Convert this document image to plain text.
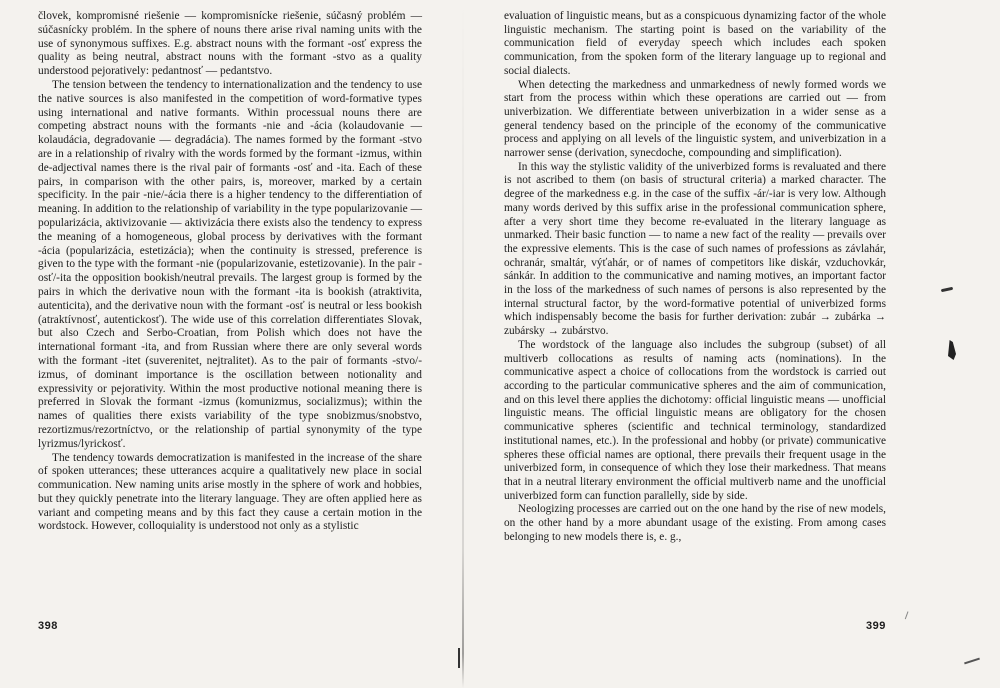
človek, kompromisné riešenie — kompromisnícke riešenie, súčasný problém — súčasnícky problém. In the sphere of nouns there arise rival naming units with the use of synonymous suffixes. E.g. abstract nouns with the formant -osť express the quality as being neutral, abstract nouns with the formant -stvo as a quality understood pejoratively: pedantnosť — pedantstvo.

The tension between the tendency to internationalization and the tendency to use the native sources is also manifested in the competition of word-formative types using international and native formants. Within processual nouns there are competing abstract nouns with the formants -nie and -ácia (kolaudovanie — kolaudácia, degradovanie — degradácia). The names formed by the formant -stvo are in a relationship of rivalry with the words formed by the formant -izmus, within de-adjectival names there is the rival pair of formants -osť and -ita. Each of these pairs, in comparison with the other pairs, is, moreover, marked by a certain specificity. In the pair -nie/-ácia there is a higher tendency to the differentiation of meaning. In addition to the relationship of variability in the type popularizovanie — popularizácia, aktivizovanie — aktivizácia there exists also the tendency to express the meaning of a homogeneous, global process by derivatives with the formant -ácia (popularizácia, estetizácia); when the continuity is stressed, preference is given to the type with the formant -nie (popularizovanie, estetizovanie). In the pair -osť/-ita the opposition bookish/neutral prevails. The largest group is formed by the pairs in which the derivative noun with the formant -ita is bookish (atraktivita, autenticita), and the derivative noun with the formant -osť is neutral or less bookish (atraktívnosť, autentickosť). The wide use of this correlation differentiates Slovak, but also Czech and Serbo-Croatian, from Polish which does not have the international formant -ita, and from Russian where there are only several words with the formant -itet (suverenitet, nejtralitet). As to the pair of formants -stvo/-izmus, of dominant importance is the oscillation between notionality and expressivity or pejorativity. Within the most productive notional meaning there is preferred in Slovak the formant -izmus (komunizmus, socializmus); within the names of qualities there exists variability of the type snobizmus/snobstvo, rezortizmus/rezortníctvo, or the relationship of partial synonymity of the type lyrizmus/lyrickosť.

The tendency towards democratization is manifested in the increase of the share of spoken utterances; these utterances acquire a qualitatively new place in social communication. New naming units arise mostly in the sphere of work and hobbies, but they quickly penetrate into the literary language. They are often applied here as variant and competing means and by this fact they cause a certain motion in the wordstock. However, colloquiality is understood not only as a stylistic

evaluation of linguistic means, but as a conspicuous dynamizing factor of the whole linguistic mechanism. The starting point is based on the variability of the communication field of everyday speech which includes each spoken communication, from the spoken form of the literary language up to regional and social dialects.

When detecting the markedness and unmarkedness of newly formed words we start from the process within which these operations are carried out — from univerbization. We differentiate between univerbization in a wider sense as a general tendency based on the principle of the economy of the communicative process and applying on all levels of the linguistic system, and univerbization in a narrower sense (derivation, synecdoche, compounding and simplification).

In this way the stylistic validity of the univerbized forms is revaluated and there is not ascribed to them (on basis of structural criteria) a marked character. The degree of the markedness e.g. in the case of the suffix -ár/-iar is very low. Although many words derived by this suffix arise in the professional communication sphere, after a very short time they become re-evaluated in the literary language as unmarked. Their basic function — to name a new fact of the reality — prevails over the expressive elements. This is the case of such names of professions as závlahár, ochranár, smaltár, výťahár, or of names of competitors like diskár, vzduchovkár, sánkár. In addition to the communicative and naming motives, an important factor in the loss of the markedness of such names of persons is also represented by the internal structural factor, by the word-formative potential of univerbized forms which indispensably become the basis for further derivation: zubár → zubárka → zubársky → zubárstvo.

The wordstock of the language also includes the subgroup (subset) of all multiverb collocations as results of naming acts (nominations). In the communicative aspect a choice of collocations from the wordstock is carried out according to the particular communicative spheres and the aim of communication, and on this level there applies the dichotomy: official linguistic means — unofficial linguistic means. The official linguistic means are obligatory for the chosen communicative spheres (scientific and technical terminology, standardized institutional names, etc.). In the professional and hobby (or private) communicative spheres these official names are optional, there prevails their frequent usage in the univerbized form, in consequence of which they lose their markedness. That means that in a neutral literary environment the official multiverb name and the unofficial univerbized form can function parallelly, side by side.

Neologizing processes are carried out on the one hand by the rise of new models, on the other hand by a more abundant usage of the existing. From among cases belonging to new models there is, e. g.,

398	399
